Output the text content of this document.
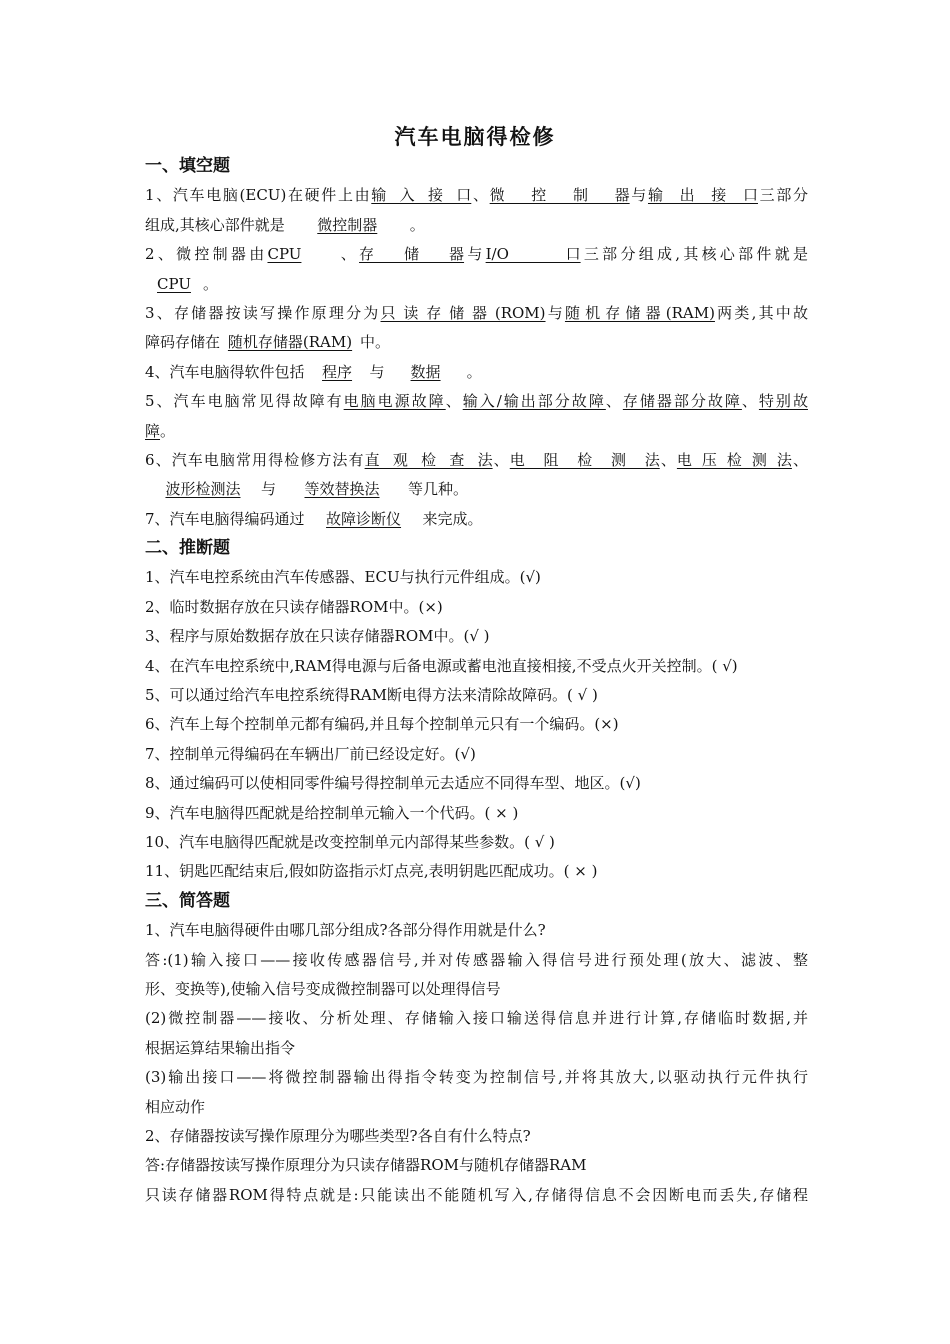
汽车电脑得检修
一、填空题
1、汽车电脑(ECU)在硬件上由输入接口、微控制器与输出接口三部分
组成,其核心部件就是 微控制器 。
2、微控制器由CPU 、存储器与I/O口三部分组成,其核心部件就是
CPU 。
3、存储器按读写操作原理分为只读存储器(ROM)与随机存储器(RAM)两类,其中故
障码存储在 随机存储器(RAM) 中。
4、汽车电脑得软件包括 程序 与 数据 。
5、汽车电脑常见得故障有电脑电源故障、输入/输出部分故障、存储器部分故障、特别故
障。
6、汽车电脑常用得检修方法有直观检查法、电阻检测法、电压检测法、
波形检测法 与 等效替换法 等几种。
7、汽车电脑得编码通过 故障诊断仪 来完成。
二、推断题
1、汽车电控系统由汽车传感器、ECU与执行元件组成。(√)
2、临时数据存放在只读存储器ROM中。(×)
3、程序与原始数据存放在只读存储器ROM中。(√ )
4、在汽车电控系统中,RAM得电源与后备电源或蓄电池直接相接,不受点火开关控制。( √)
5、可以通过给汽车电控系统得RAM断电得方法来清除故障码。( √ )
6、汽车上每个控制单元都有编码,并且每个控制单元只有一个编码。(×)
7、控制单元得编码在车辆出厂前已经设定好。(√)
8、通过编码可以使相同零件编号得控制单元去适应不同得车型、地区。(√)
9、汽车电脑得匹配就是给控制单元输入一个代码。( × )
10、汽车电脑得匹配就是改变控制单元内部得某些参数。( √ )
11、钥匙匹配结束后,假如防盗指示灯点亮,表明钥匙匹配成功。( × )
三、简答题
1、汽车电脑得硬件由哪几部分组成?各部分得作用就是什么?
答:(1)输入接口——接收传感器信号,并对传感器输入得信号进行预处理(放大、滤波、整
形、变换等),使输入信号变成微控制器可以处理得信号
(2)微控制器——接收、分析处理、存储输入接口输送得信息并进行计算,存储临时数据,并
根据运算结果输出指令
(3)输出接口——将微控制器输出得指令转变为控制信号,并将其放大,以驱动执行元件执行
相应动作
2、存储器按读写操作原理分为哪些类型?各自有什么特点?
答:存储器按读写操作原理分为只读存储器ROM与随机存储器RAM
只读存储器ROM得特点就是:只能读出不能随机写入,存储得信息不会因断电而丢失,存储程
